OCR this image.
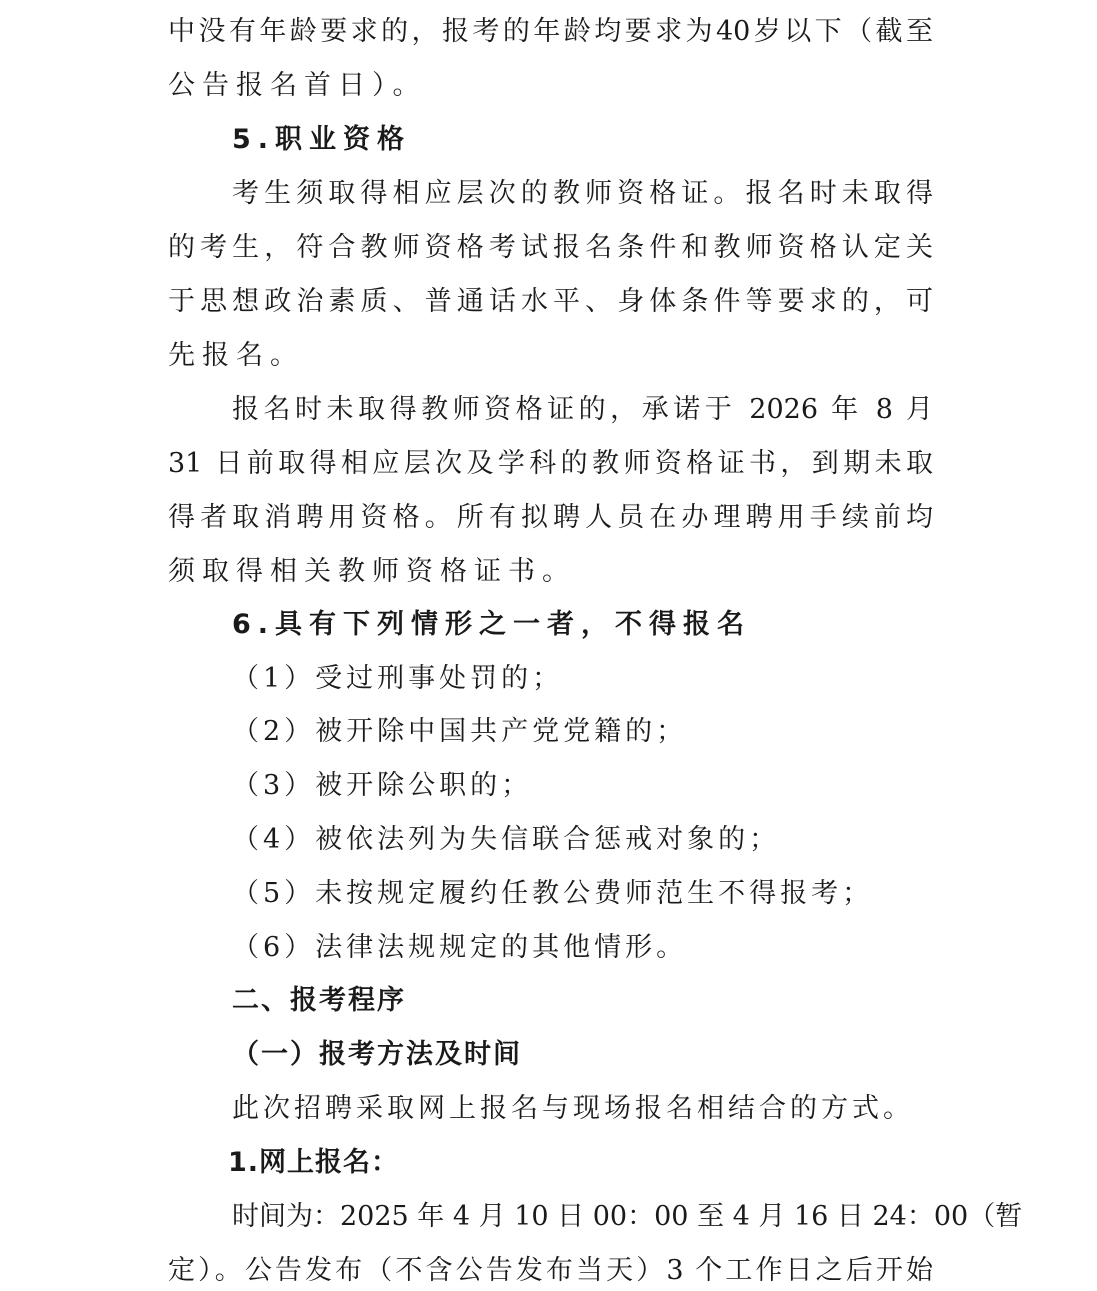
中没有年龄要求的，报考的年龄均要求为40岁以下（截至
公告报名首日）。
5.职业资格
考生须取得相应层次的教师资格证。报名时未取得
的考生，符合教师资格考试报名条件和教师资格认定关
于思想政治素质、普通话水平、身体条件等要求的，可
先报名。
报名时未取得教师资格证的，承诺于 2026 年 8 月
31 日前取得相应层次及学科的教师资格证书，到期未取
得者取消聘用资格。所有拟聘人员在办理聘用手续前均
须取得相关教师资格证书。
6.具有下列情形之一者，不得报名
（1）受过刑事处罚的；
（2）被开除中国共产党党籍的；
（3）被开除公职的；
（4）被依法列为失信联合惩戒对象的；
（5）未按规定履约任教公费师范生不得报考；
（6）法律法规规定的其他情形。
二、报考程序
（一）报考方法及时间
此次招聘采取网上报名与现场报名相结合的方式。
1.网上报名：
时间为：2025 年 4 月 10 日 00：00 至 4 月 16 日 24：00（暂
定）。公告发布（不含公告发布当天）3 个工作日之后开始
